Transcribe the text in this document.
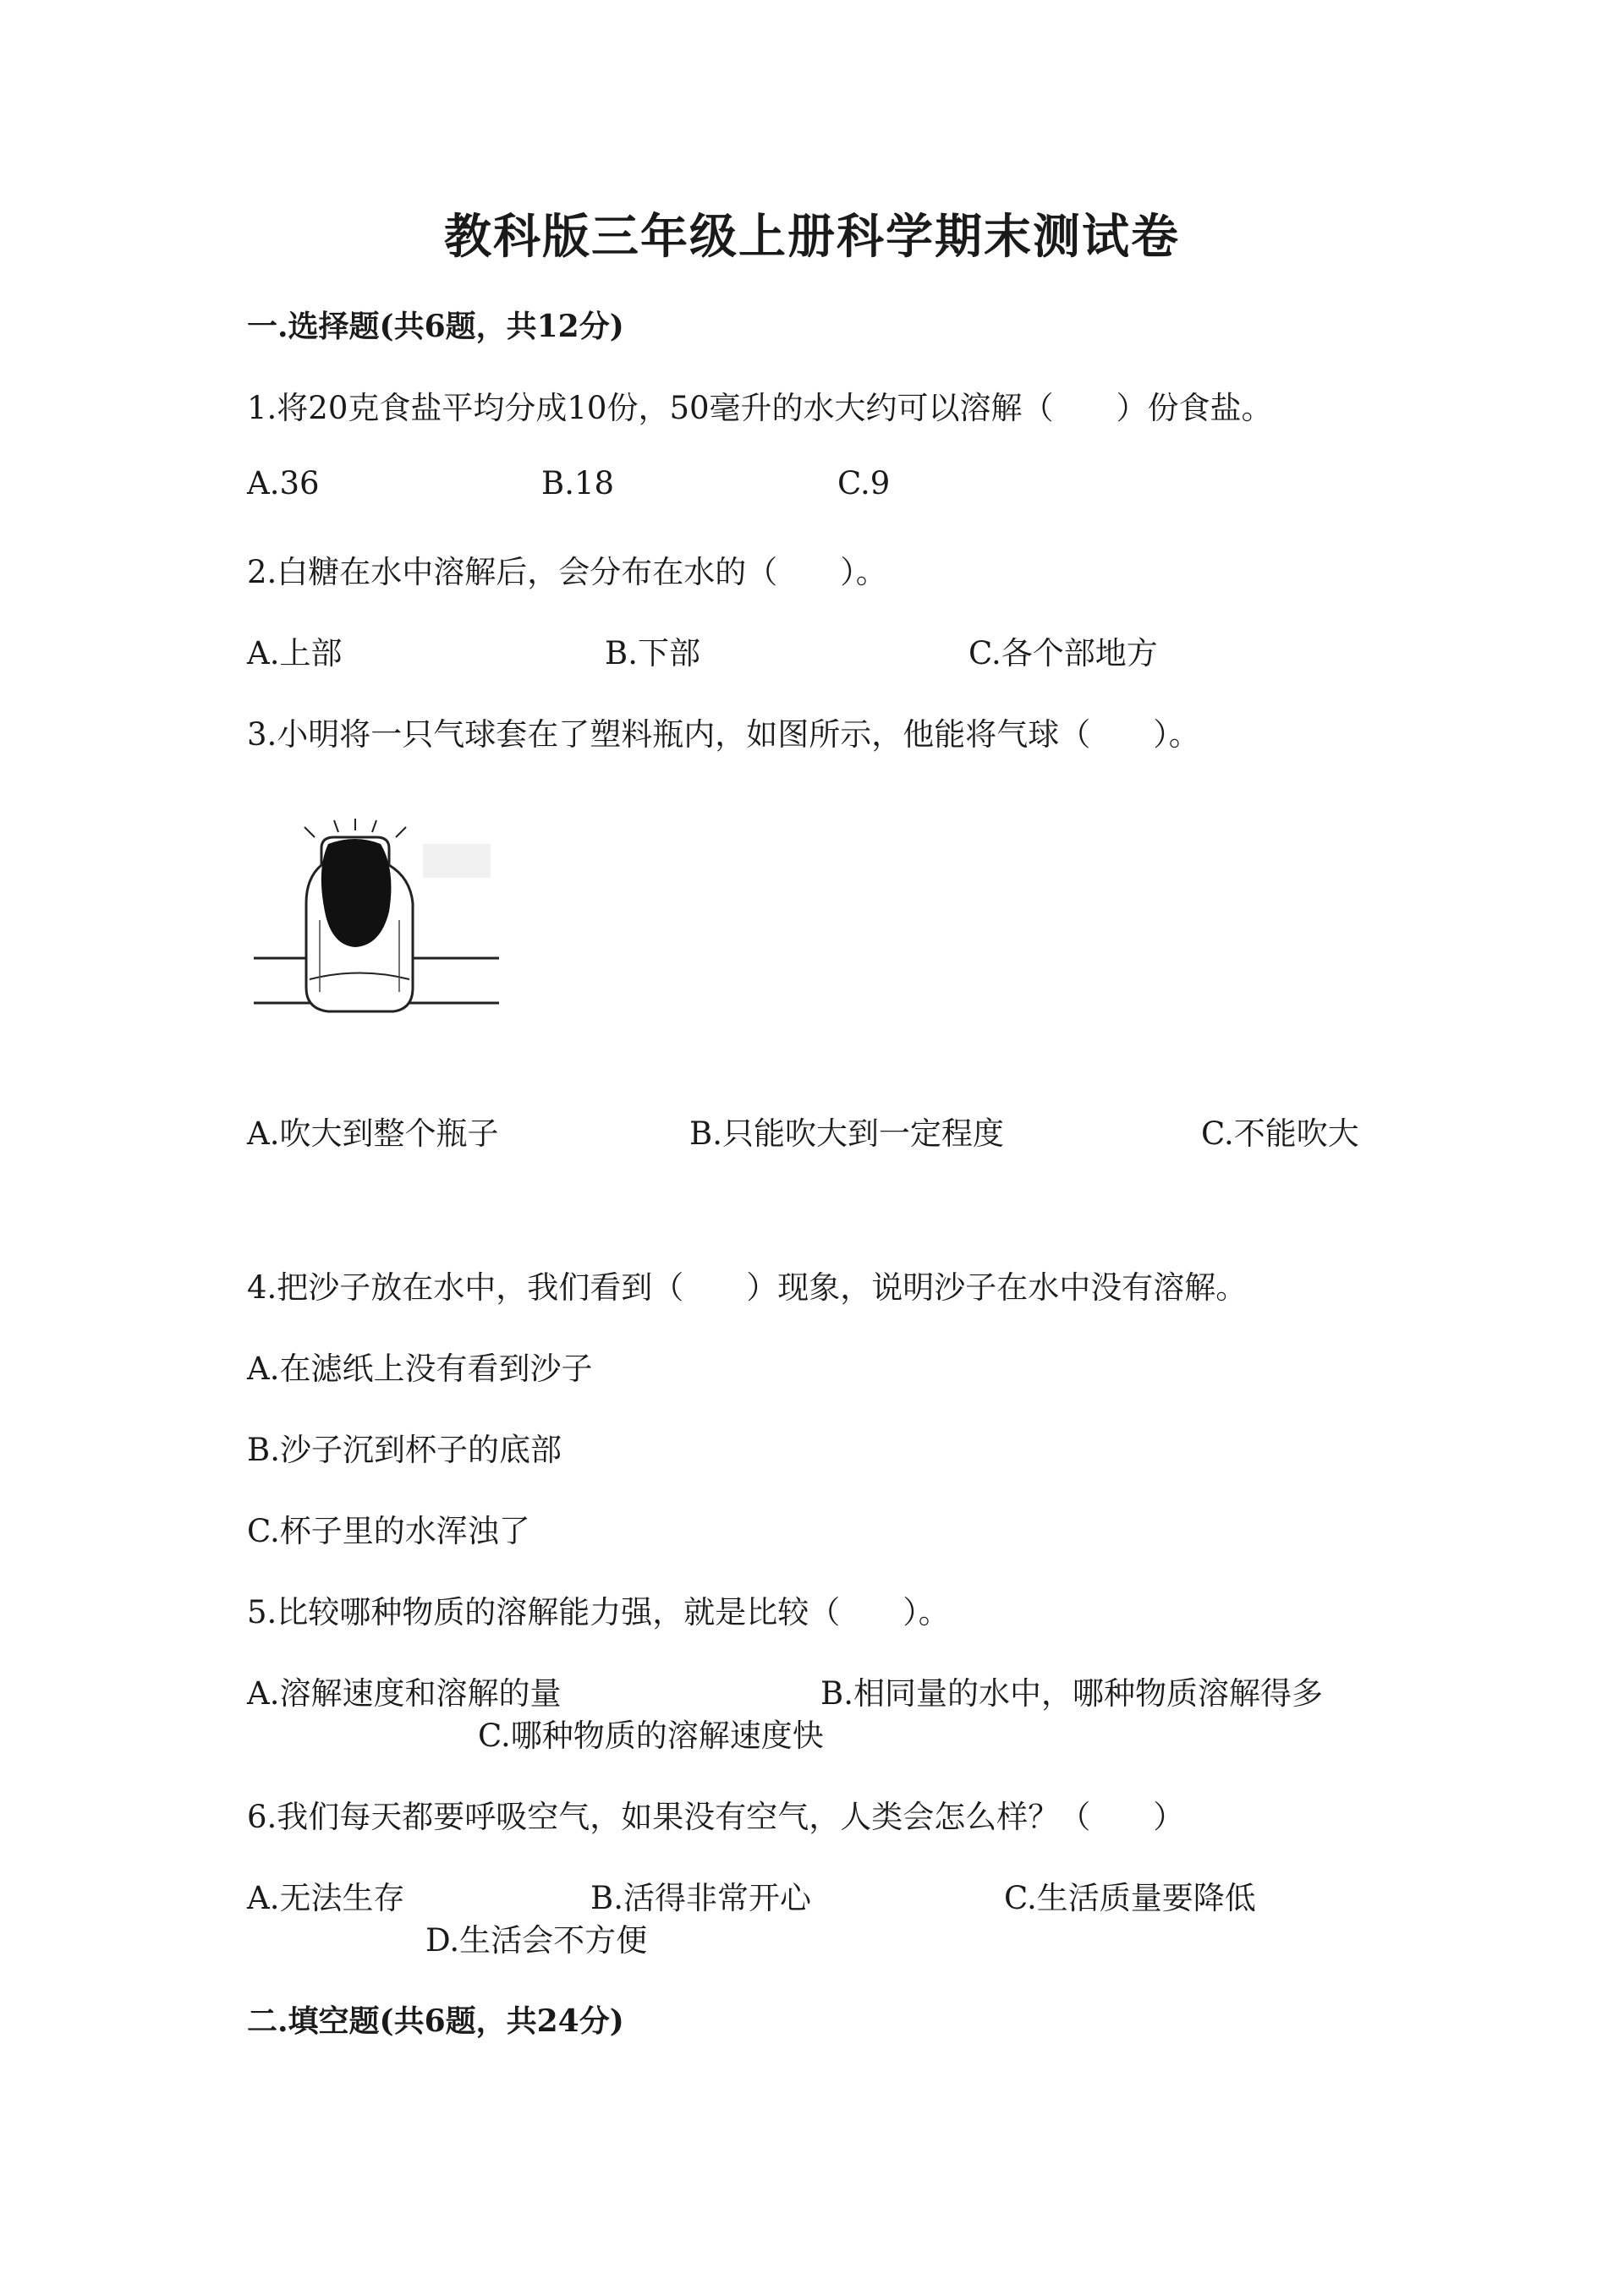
教科版三年级上册科学期末测试卷
一.选择题(共6题，共12分)
1.将20克食盐平均分成10份，50毫升的水大约可以溶解（　　）份食盐。
A.36	B.18	C.9
2.白糖在水中溶解后，会分布在水的（　　）。
A.上部	B.下部	C.各个部地方
3.小明将一只气球套在了塑料瓶内，如图所示，他能将气球（　　）。
A.吹大到整个瓶子	B.只能吹大到一定程度	C.不能吹大
4.把沙子放在水中，我们看到（　　）现象，说明沙子在水中没有溶解。
A.在滤纸上没有看到沙子
B.沙子沉到杯子的底部
C.杯子里的水浑浊了
5.比较哪种物质的溶解能力强，就是比较（　　）。
A.溶解速度和溶解的量	B.相同量的水中，哪种物质溶解得多
C.哪种物质的溶解速度快
6.我们每天都要呼吸空气，如果没有空气，人类会怎么样？（　　）
A.无法生存	B.活得非常开心	C.生活质量要降低
D.生活会不方便
二.填空题(共6题，共24分)
